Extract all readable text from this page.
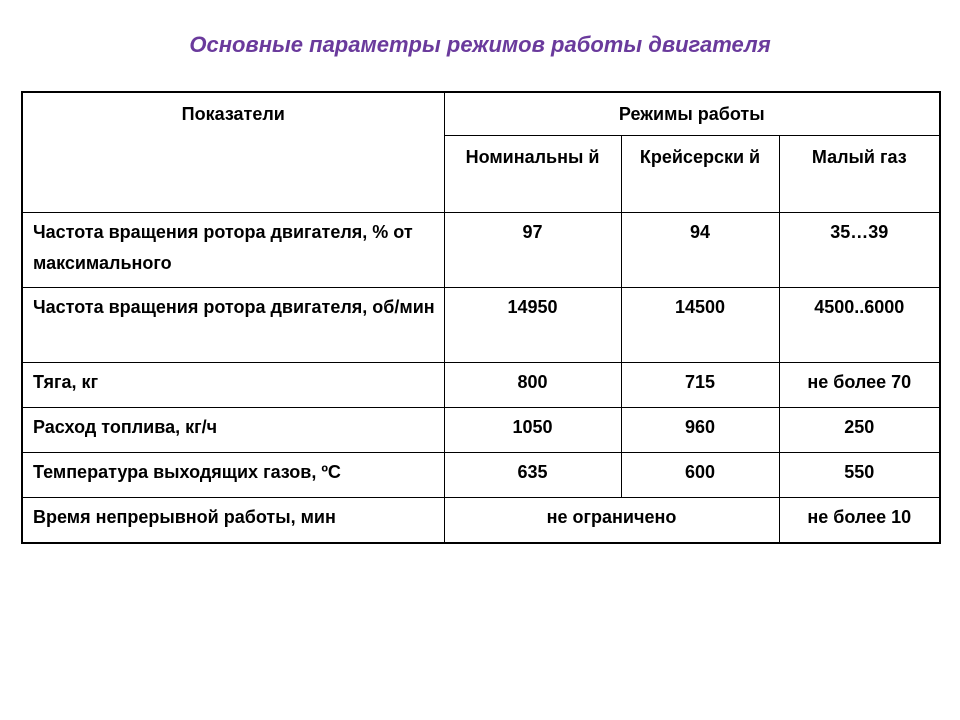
Основные параметры режимов работы двигателя
Показатели	Режимы работы		
	Номинальны й	Крейсерски й	Малый газ
Частота вращения ротора двигателя, % от максимального	97	94	35…39
Частота вращения ротора двигателя, об/мин	14950	14500	4500..6000
Тяга, кг	800	715	не более 70
Расход топлива, кг/ч	1050	960	250
Температура выходящих газов, ºС	635	600	550
Время непрерывной работы, мин	не ограничено		не более 10
